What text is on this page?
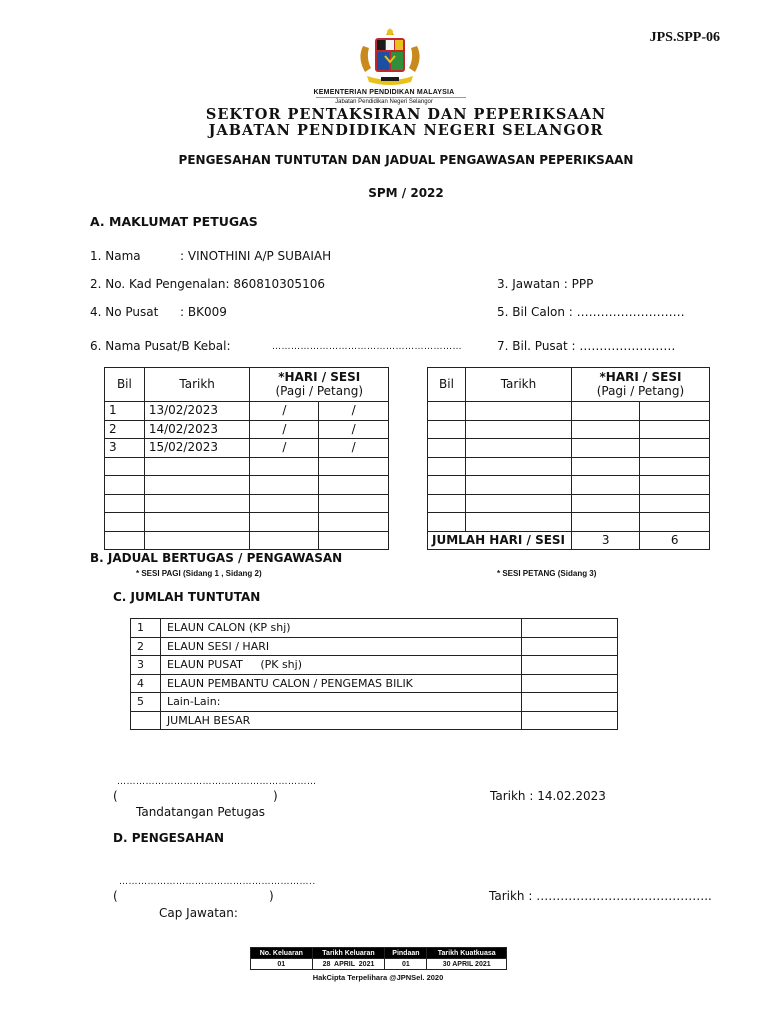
JPS.SPP-06
KEMENTERIAN PENDIDIKAN MALAYSIA
Jabatan Pendidikan Negeri Selangor
SEKTOR PENTAKSIRAN DAN PEPERIKSAAN
JABATAN PENDIDIKAN NEGERI SELANGOR
PENGESAHAN TUNTUTAN DAN JADUAL PENGAWASAN PEPERIKSAAN
SPM / 2022
A. MAKLUMAT PETUGAS
1. Nama	: VINOTHINI A/P SUBAIAH
2. No. Kad Pengenalan: 860810305106	3. Jawatan : PPP
4. No Pusat : BK009	5. Bil Calon : ………………………
6. Nama Pusat/B Kebal:	……………………………………………………	7. Bil. Pusat : ……………………
Bil	Tarikh	*HARI / SESI
(Pagi / Petang)	

1	13/02/2023	/	/
2	14/02/2023	/	/
3	15/02/2023	/	/

Bil	Tarikh	*HARI / SESI
(Pagi / Petang)	

JUMLAH HARI / SESI		3	6
B. JADUAL BERTUGAS / PENGAWASAN
* SESI PAGI (Sidang 1 , Sidang 2)	* SESI PETANG (Sidang 3)
C. JUMLAH TUNTUTAN
1	ELAUN CALON (KP shj)	
2	ELAUN SESI / HARI	
3	ELAUN PUSAT     (PK shj)	
4	ELAUN PEMBANTU CALON / PENGEMAS BILIK	
5	Lain-Lain:	
	JUMLAH BESAR	
………………………………………………………
(	)
Tandatangan Petugas
Tarikh : 14.02.2023
D. PENGESAHAN
……………………………………………………..
(	)
Cap Jawatan:
Tarikh : ……………………………………..
No. Keluaran	Tarikh Keluaran	Pindaan	Tarikh Kuatkuasa
01	28  APRIL  2021	01	30 APRIL 2021
HakCipta Terpelihara @JPNSel. 2020
